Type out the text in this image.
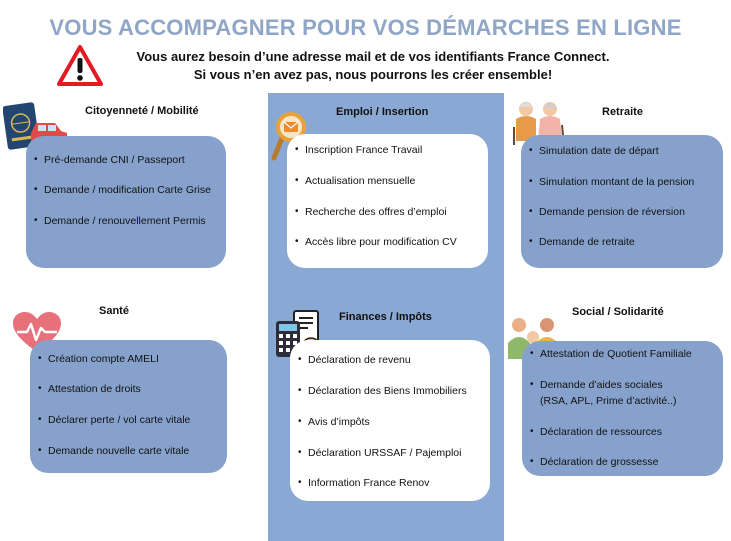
VOUS ACCOMPAGNER POUR VOS DÉMARCHES EN LIGNE
Vous aurez besoin d’une adresse mail et de vos identifiants France Connect.
Si vous n’en avez pas, nous pourrons les créer ensemble!
Citoyenneté / Mobilité
• Pré-demande CNI / Passeport
• Demande / modification Carte Grise
• Demande / renouvellement Permis
Emploi / Insertion
• Inscription France Travail
• Actualisation mensuelle
• Recherche des offres d’emploi
• Accès libre pour modification CV
Retraite
• Simulation date de départ
• Simulation montant de la pension
• Demande pension de réversion
• Demande de retraite
Santé
• Création compte AMELI
• Attestation de droits
• Déclarer perte / vol carte vitale
• Demande nouvelle carte vitale
Finances / Impôts
• Déclaration de revenu
• Déclaration des Biens Immobiliers
• Avis d’impôts
• Déclaration URSSAF / Pajemploi
• Information France Renov
Social / Solidarité
• Attestation de Quotient Familiale
• Demande d’aides sociales
(RSA, APL, Prime d’activité..)
• Déclaration de ressources
• Déclaration de grossesse
